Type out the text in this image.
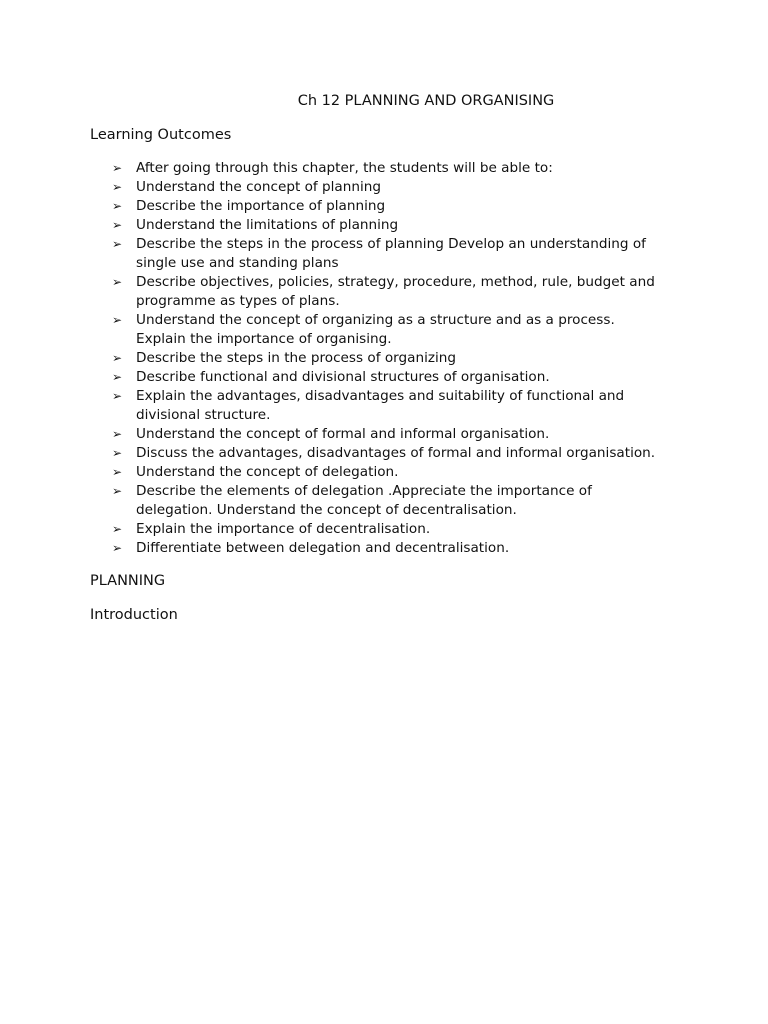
Ch 12 PLANNING AND ORGANISING
Learning Outcomes
➢ After going through this chapter, the students will be able to:
➢ Understand the concept of planning
➢ Describe the importance of planning
➢ Understand the limitations of planning
➢ Describe the steps in the process of planning Develop an understanding of
single use and standing plans
➢ Describe objectives, policies, strategy, procedure, method, rule, budget and
programme as types of plans.
➢ Understand the concept of organizing as a structure and as a process.
Explain the importance of organising.
➢ Describe the steps in the process of organizing
➢ Describe functional and divisional structures of organisation.
➢ Explain the advantages, disadvantages and suitability of functional and
divisional structure.
➢ Understand the concept of formal and informal organisation.
➢ Discuss the advantages, disadvantages of formal and informal organisation.
➢ Understand the concept of delegation.
➢ Describe the elements of delegation .Appreciate the importance of
delegation. Understand the concept of decentralisation.
➢ Explain the importance of decentralisation.
➢ Differentiate between delegation and decentralisation.
PLANNING
Introduction
